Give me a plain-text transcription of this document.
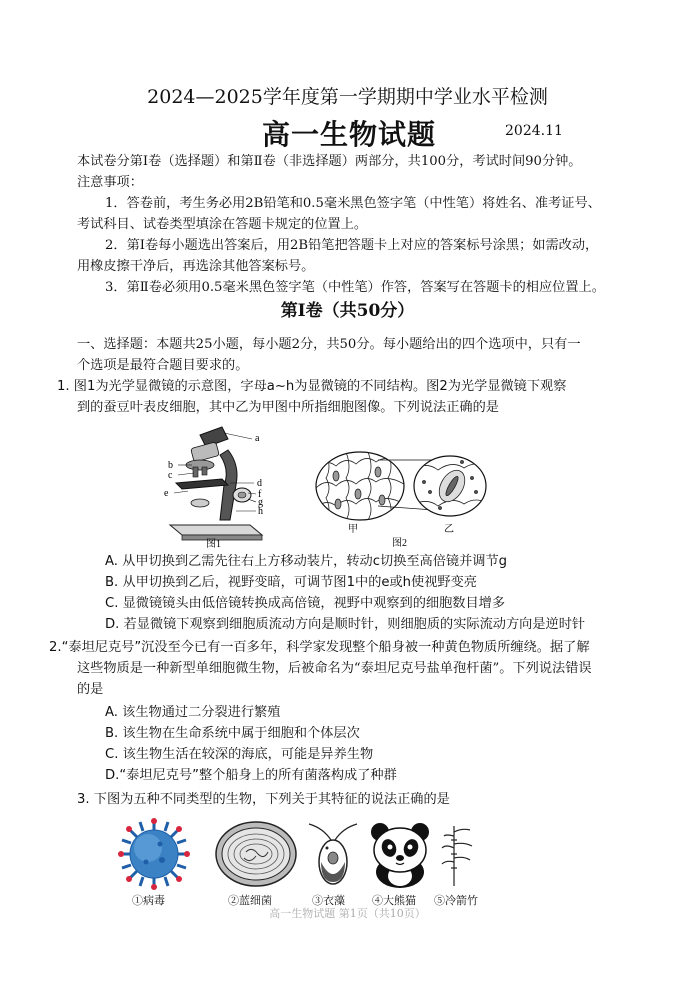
2024—2025学年度第一学期期中学业水平检测
高一生物试题	2024.11
本试卷分第Ⅰ卷（选择题）和第Ⅱ卷（非选择题）两部分，共100分，考试时间90分钟。
注意事项：
1．答卷前，考生务必用2B铅笔和0.5毫米黑色签字笔（中性笔）将姓名、准考证号、
考试科目、试卷类型填涂在答题卡规定的位置上。
2．第Ⅰ卷每小题选出答案后，用2B铅笔把答题卡上对应的答案标号涂黑；如需改动，
用橡皮擦干净后，再选涂其他答案标号。
3．第Ⅱ卷必须用0.5毫米黑色签字笔（中性笔）作答，答案写在答题卡的相应位置上。
第Ⅰ卷（共50分）
一、选择题：本题共25小题，每小题2分，共50分。每小题给出的四个选项中，只有一
个选项是最符合题目要求的。
1. 图1为光学显微镜的示意图，字母a~h为显微镜的不同结构。图2为光学显微镜下观察
到的蚕豆叶表皮细胞，其中乙为甲图中所指细胞图像。下列说法正确的是
a
b
c
d
e	f
g
h
图1
甲	乙
图2
A. 从甲切换到乙需先往右上方移动装片，转动c切换至高倍镜并调节g
B. 从甲切换到乙后，视野变暗，可调节图1中的e或h使视野变亮
C. 显微镜镜头由低倍镜转换成高倍镜，视野中观察到的细胞数目增多
D. 若显微镜下观察到细胞质流动方向是顺时针，则细胞质的实际流动方向是逆时针
2.“泰坦尼克号”沉没至今已有一百多年，科学家发现整个船身被一种黄色物质所缠绕。据了解
这些物质是一种新型单细胞微生物，后被命名为“泰坦尼克号盐单孢杆菌”。下列说法错误
的是
A. 该生物通过二分裂进行繁殖
B. 该生物在生命系统中属于细胞和个体层次
C. 该生物生活在较深的海底，可能是异养生物
D.“泰坦尼克号”整个船身上的所有菌落构成了种群
3. 下图为五种不同类型的生物，下列关于其特征的说法正确的是
①病毒	②蓝细菌	③衣藻 ④大熊猫 ⑤冷箭竹
高一生物试题 第1页（共10页）
